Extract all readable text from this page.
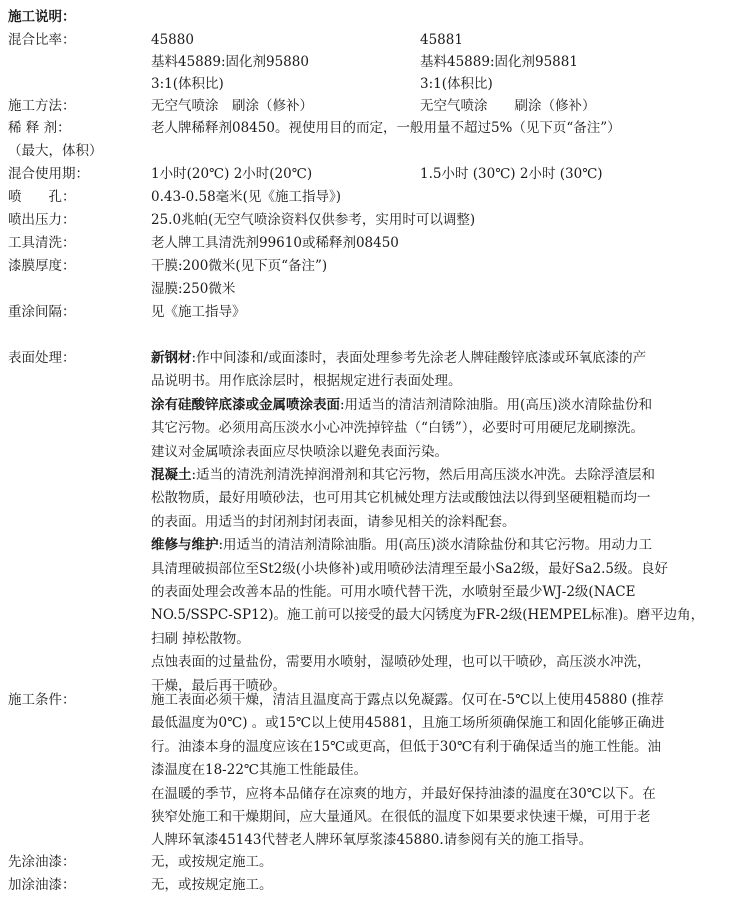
施工说明：
混合比率：	45880	45881
基料45889:固化剂95880	基料45889:固化剂95881
3:1(体积比)	3:1(体积比)
施工方法：	无空气喷涂　刷涂（修补）	无空气喷涂　　刷涂（修补）
稀 释 剂：	老人牌稀释剂08450。视使用目的而定，一般用量不超过5%（见下页“备注”）
（最大，体积）
混合使用期：	1小时(20℃) 2小时(20℃)	1.5小时 (30℃) 2小时 (30℃)
喷　　孔：	0.43-0.58毫米(见《施工指导》)
喷出压力：	25.0兆帕(无空气喷涂资料仅供参考，实用时可以调整)
工具清洗：	老人牌工具清洗剂99610或稀释剂08450
漆膜厚度：	干膜:200微米(见下页“备注”)
湿膜:250微米
重涂间隔：	见《施工指导》
表面处理：	新钢材:作中间漆和/或面漆时，表面处理参考先涂老人牌硅酸锌底漆或环氧底漆的产
品说明书。用作底涂层时，根据规定进行表面处理。
涂有硅酸锌底漆或金属喷涂表面:用适当的清洁剂清除油脂。用(高压)淡水清除盐份和
其它污物。必须用高压淡水小心冲洗掉锌盐（“白锈”），必要时可用硬尼龙刷擦洗。
建议对金属喷涂表面应尽快喷涂以避免表面污染。
混凝土:适当的清洗剂清洗掉润滑剂和其它污物，然后用高压淡水冲洗。去除浮渣层和
松散物质，最好用喷砂法，也可用其它机械处理方法或酸蚀法以得到坚硬粗糙而均一
的表面。用适当的封闭剂封闭表面，请参见相关的涂料配套。
维修与维护:用适当的清洁剂清除油脂。用(高压)淡水清除盐份和其它污物。用动力工
具清理破损部位至St2级(小块修补)或用喷砂法清理至最小Sa2级，最好Sa2.5级。良好
的表面处理会改善本品的性能。可用水喷代替干洗，水喷射至最少WJ-2级(NACE
NO.5/SSPC-SP12)。施工前可以接受的最大闪锈度为FR-2级(HEMPEL标准)。磨平边角，
扫刷 掉松散物。
点蚀表面的过量盐份，需要用水喷射，湿喷砂处理，也可以干喷砂，高压淡水冲洗，
干燥，最后再干喷砂。
施工条件：	施工表面必须干燥，清洁且温度高于露点以免凝露。仅可在-5℃以上使用45880 (推荐
最低温度为0℃) 。或15℃以上使用45881，且施工场所须确保施工和固化能够正确进
行。油漆本身的温度应该在15℃或更高，但低于30℃有利于确保适当的施工性能。油
漆温度在18-22℃其施工性能最佳。
在温暖的季节，应将本品储存在凉爽的地方，并最好保持油漆的温度在30℃以下。在
狭窄处施工和干燥期间，应大量通风。在很低的温度下如果要求快速干燥，可用于老
人牌环氧漆45143代替老人牌环氧厚浆漆45880.请参阅有关的施工指导。
先涂油漆：	无，或按规定施工。
加涂油漆：	无，或按规定施工。
